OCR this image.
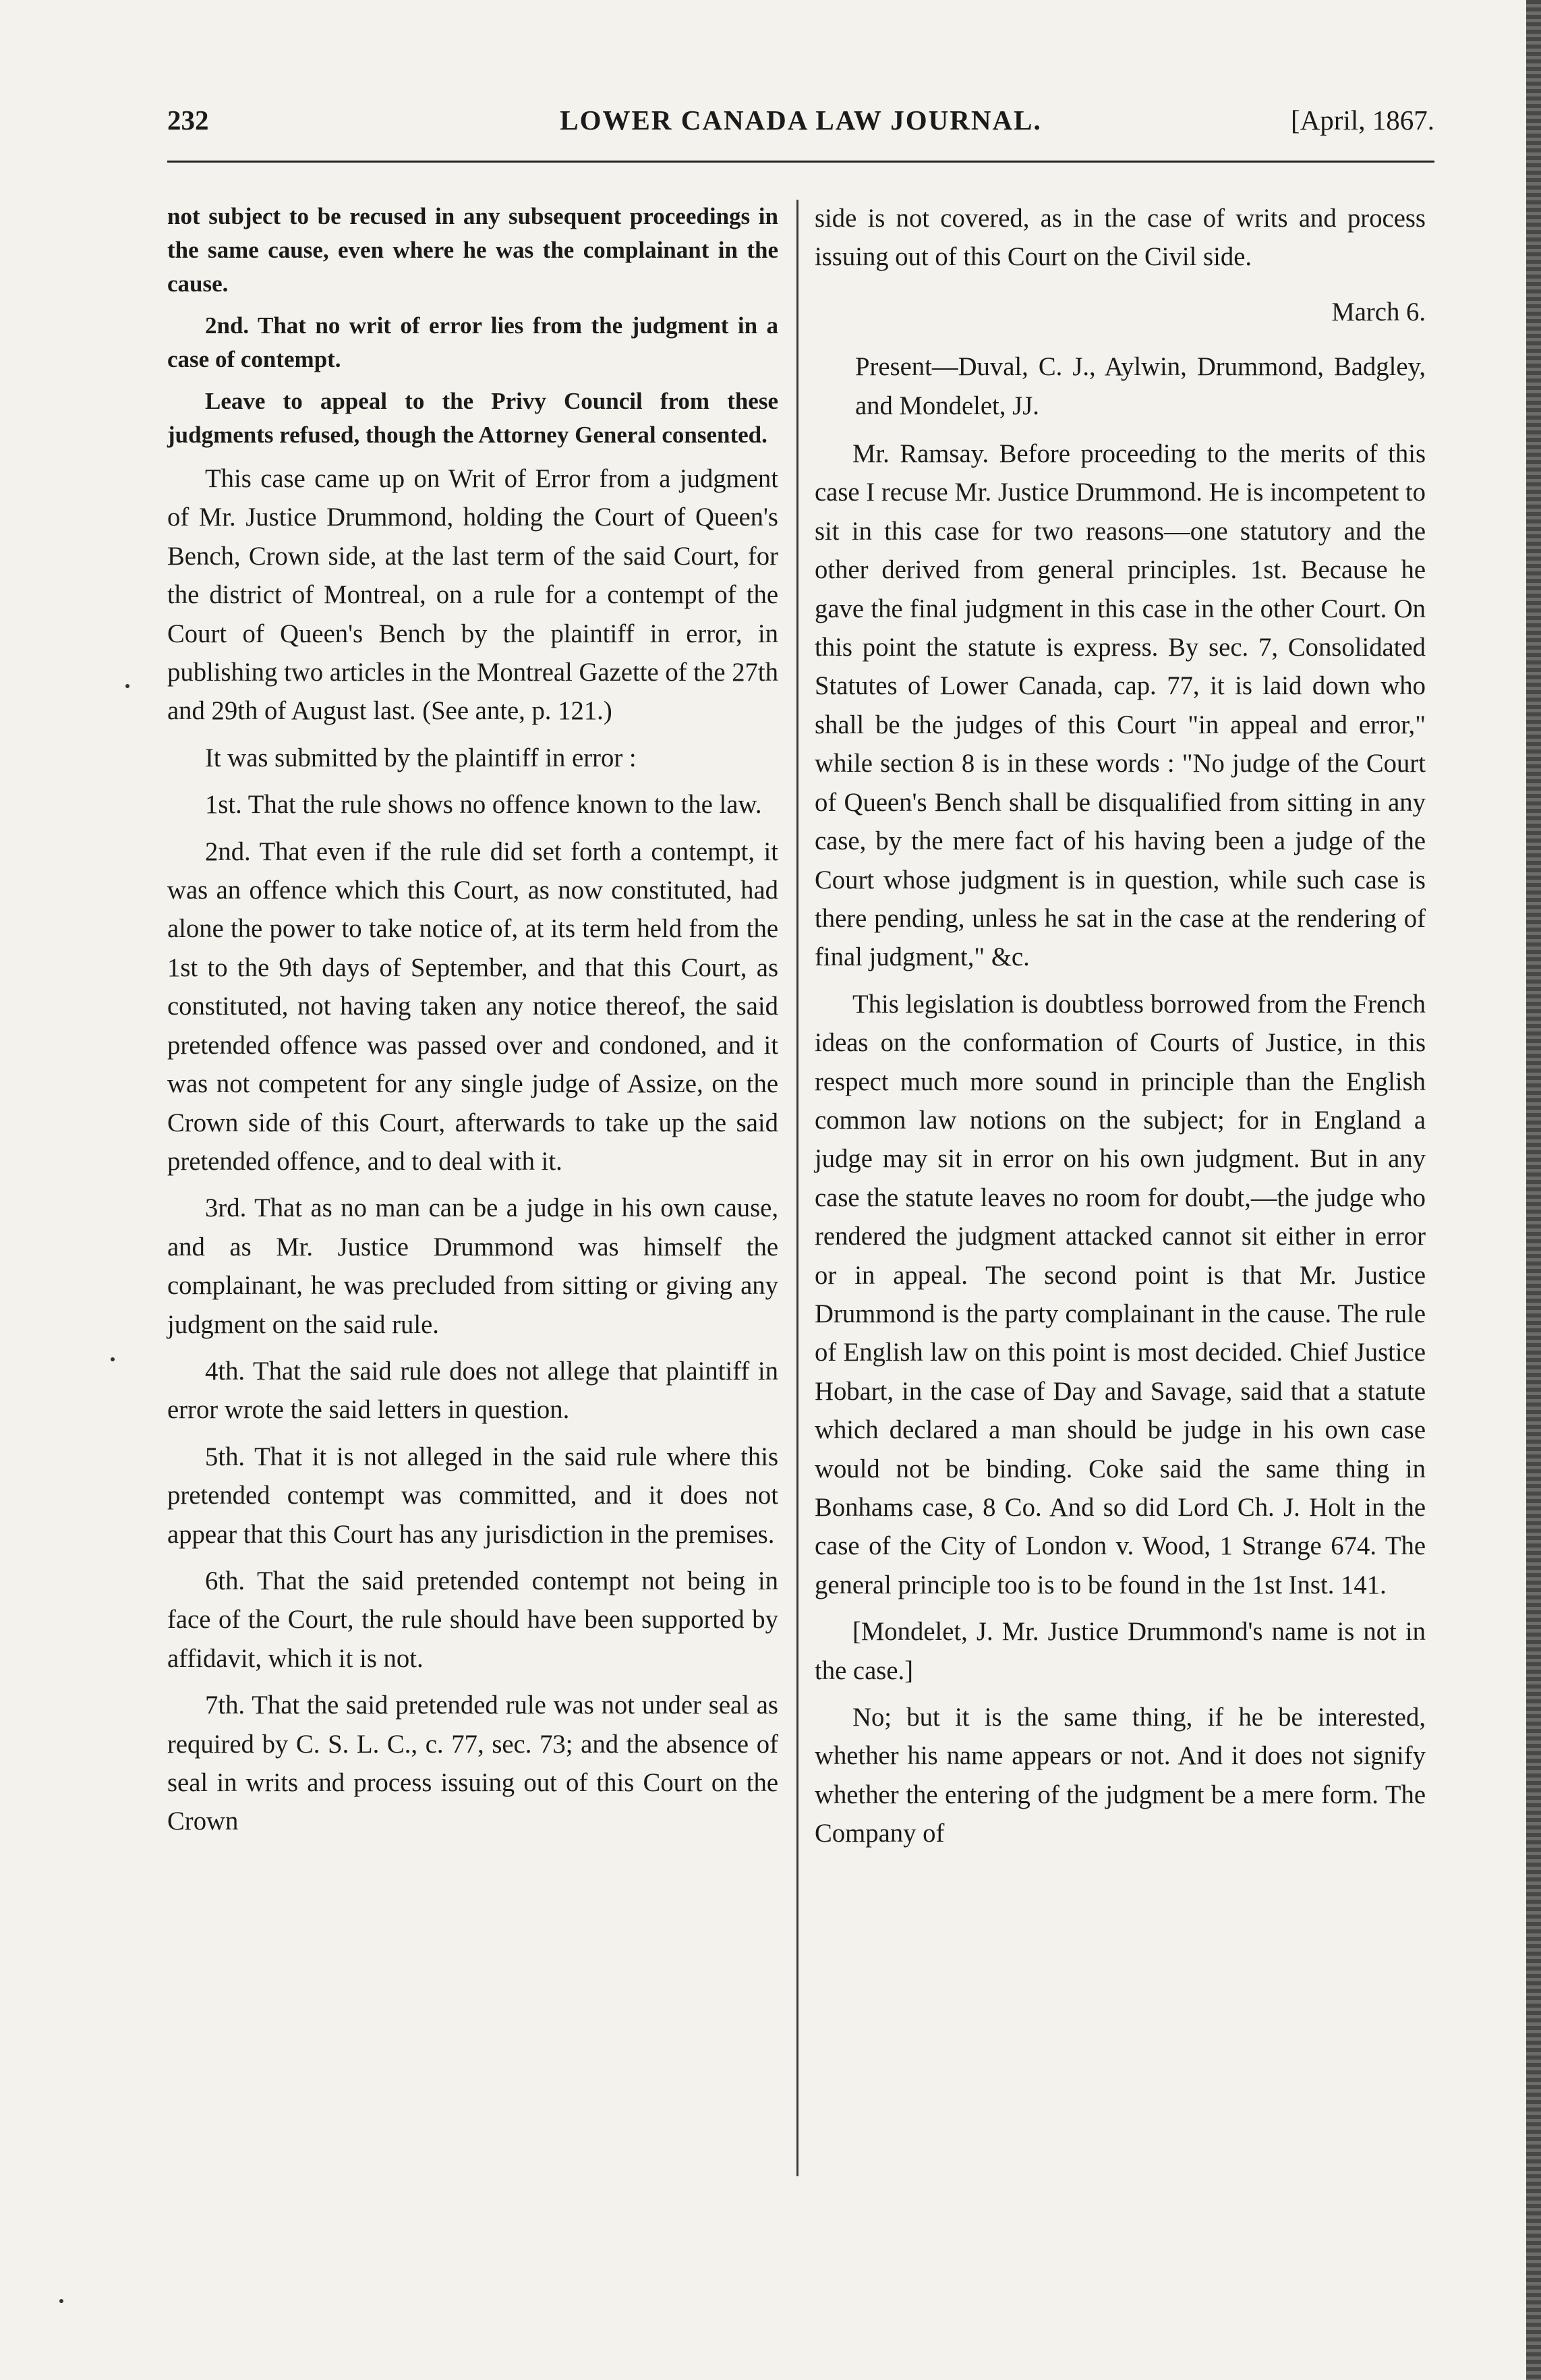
232	LOWER CANADA LAW JOURNAL.	[April, 1867.

not subject to be recused in any subsequent proceedings in the same cause, even where he was the complainant in the cause.

2nd. That no writ of error lies from the judgment in a case of contempt.

Leave to appeal to the Privy Council from these judgments refused, though the Attorney General consented.

This case came up on Writ of Error from a judgment of Mr. Justice Drummond, holding the Court of Queen's Bench, Crown side, at the last term of the said Court, for the district of Montreal, on a rule for a contempt of the Court of Queen's Bench by the plaintiff in error, in publishing two articles in the Montreal Gazette of the 27th and 29th of August last. (See ante, p. 121.)

It was submitted by the plaintiff in error :

1st. That the rule shows no offence known to the law.

2nd. That even if the rule did set forth a contempt, it was an offence which this Court, as now constituted, had alone the power to take notice of, at its term held from the 1st to the 9th days of September, and that this Court, as constituted, not having taken any notice thereof, the said pretended offence was passed over and condoned, and it was not competent for any single judge of Assize, on the Crown side of this Court, afterwards to take up the said pretended offence, and to deal with it.

3rd. That as no man can be a judge in his own cause, and as Mr. Justice Drummond was himself the complainant, he was precluded from sitting or giving any judgment on the said rule.

4th. That the said rule does not allege that plaintiff in error wrote the said letters in question.

5th. That it is not alleged in the said rule where this pretended contempt was committed, and it does not appear that this Court has any jurisdiction in the premises.

6th. That the said pretended contempt not being in face of the Court, the rule should have been supported by affidavit, which it is not.

7th. That the said pretended rule was not under seal as required by C. S. L. C., c. 77, sec. 73; and the absence of seal in writs and process issuing out of this Court on the Crown

side is not covered, as in the case of writs and process issuing out of this Court on the Civil side.

March 6.

Present—Duval, C. J., Aylwin, Drummond, Badgley, and Mondelet, JJ.

Mr. Ramsay. Before proceeding to the merits of this case I recuse Mr. Justice Drummond. He is incompetent to sit in this case for two reasons—one statutory and the other derived from general principles. 1st. Because he gave the final judgment in this case in the other Court. On this point the statute is express. By sec. 7, Consolidated Statutes of Lower Canada, cap. 77, it is laid down who shall be the judges of this Court "in appeal and error," while section 8 is in these words : "No judge of the Court of Queen's Bench shall be disqualified from sitting in any case, by the mere fact of his having been a judge of the Court whose judgment is in question, while such case is there pending, unless he sat in the case at the rendering of final judgment," &c.

This legislation is doubtless borrowed from the French ideas on the conformation of Courts of Justice, in this respect much more sound in principle than the English common law notions on the subject; for in England a judge may sit in error on his own judgment. But in any case the statute leaves no room for doubt,—the judge who rendered the judgment attacked cannot sit either in error or in appeal. The second point is that Mr. Justice Drummond is the party complainant in the cause. The rule of English law on this point is most decided. Chief Justice Hobart, in the case of Day and Savage, said that a statute which declared a man should be judge in his own case would not be binding. Coke said the same thing in Bonhams case, 8 Co. And so did Lord Ch. J. Holt in the case of the City of London v. Wood, 1 Strange 674. The general principle too is to be found in the 1st Inst. 141.

[Mondelet, J. Mr. Justice Drummond's name is not in the case.]

No; but it is the same thing, if he be interested, whether his name appears or not. And it does not signify whether the entering of the judgment be a mere form. The Company of
